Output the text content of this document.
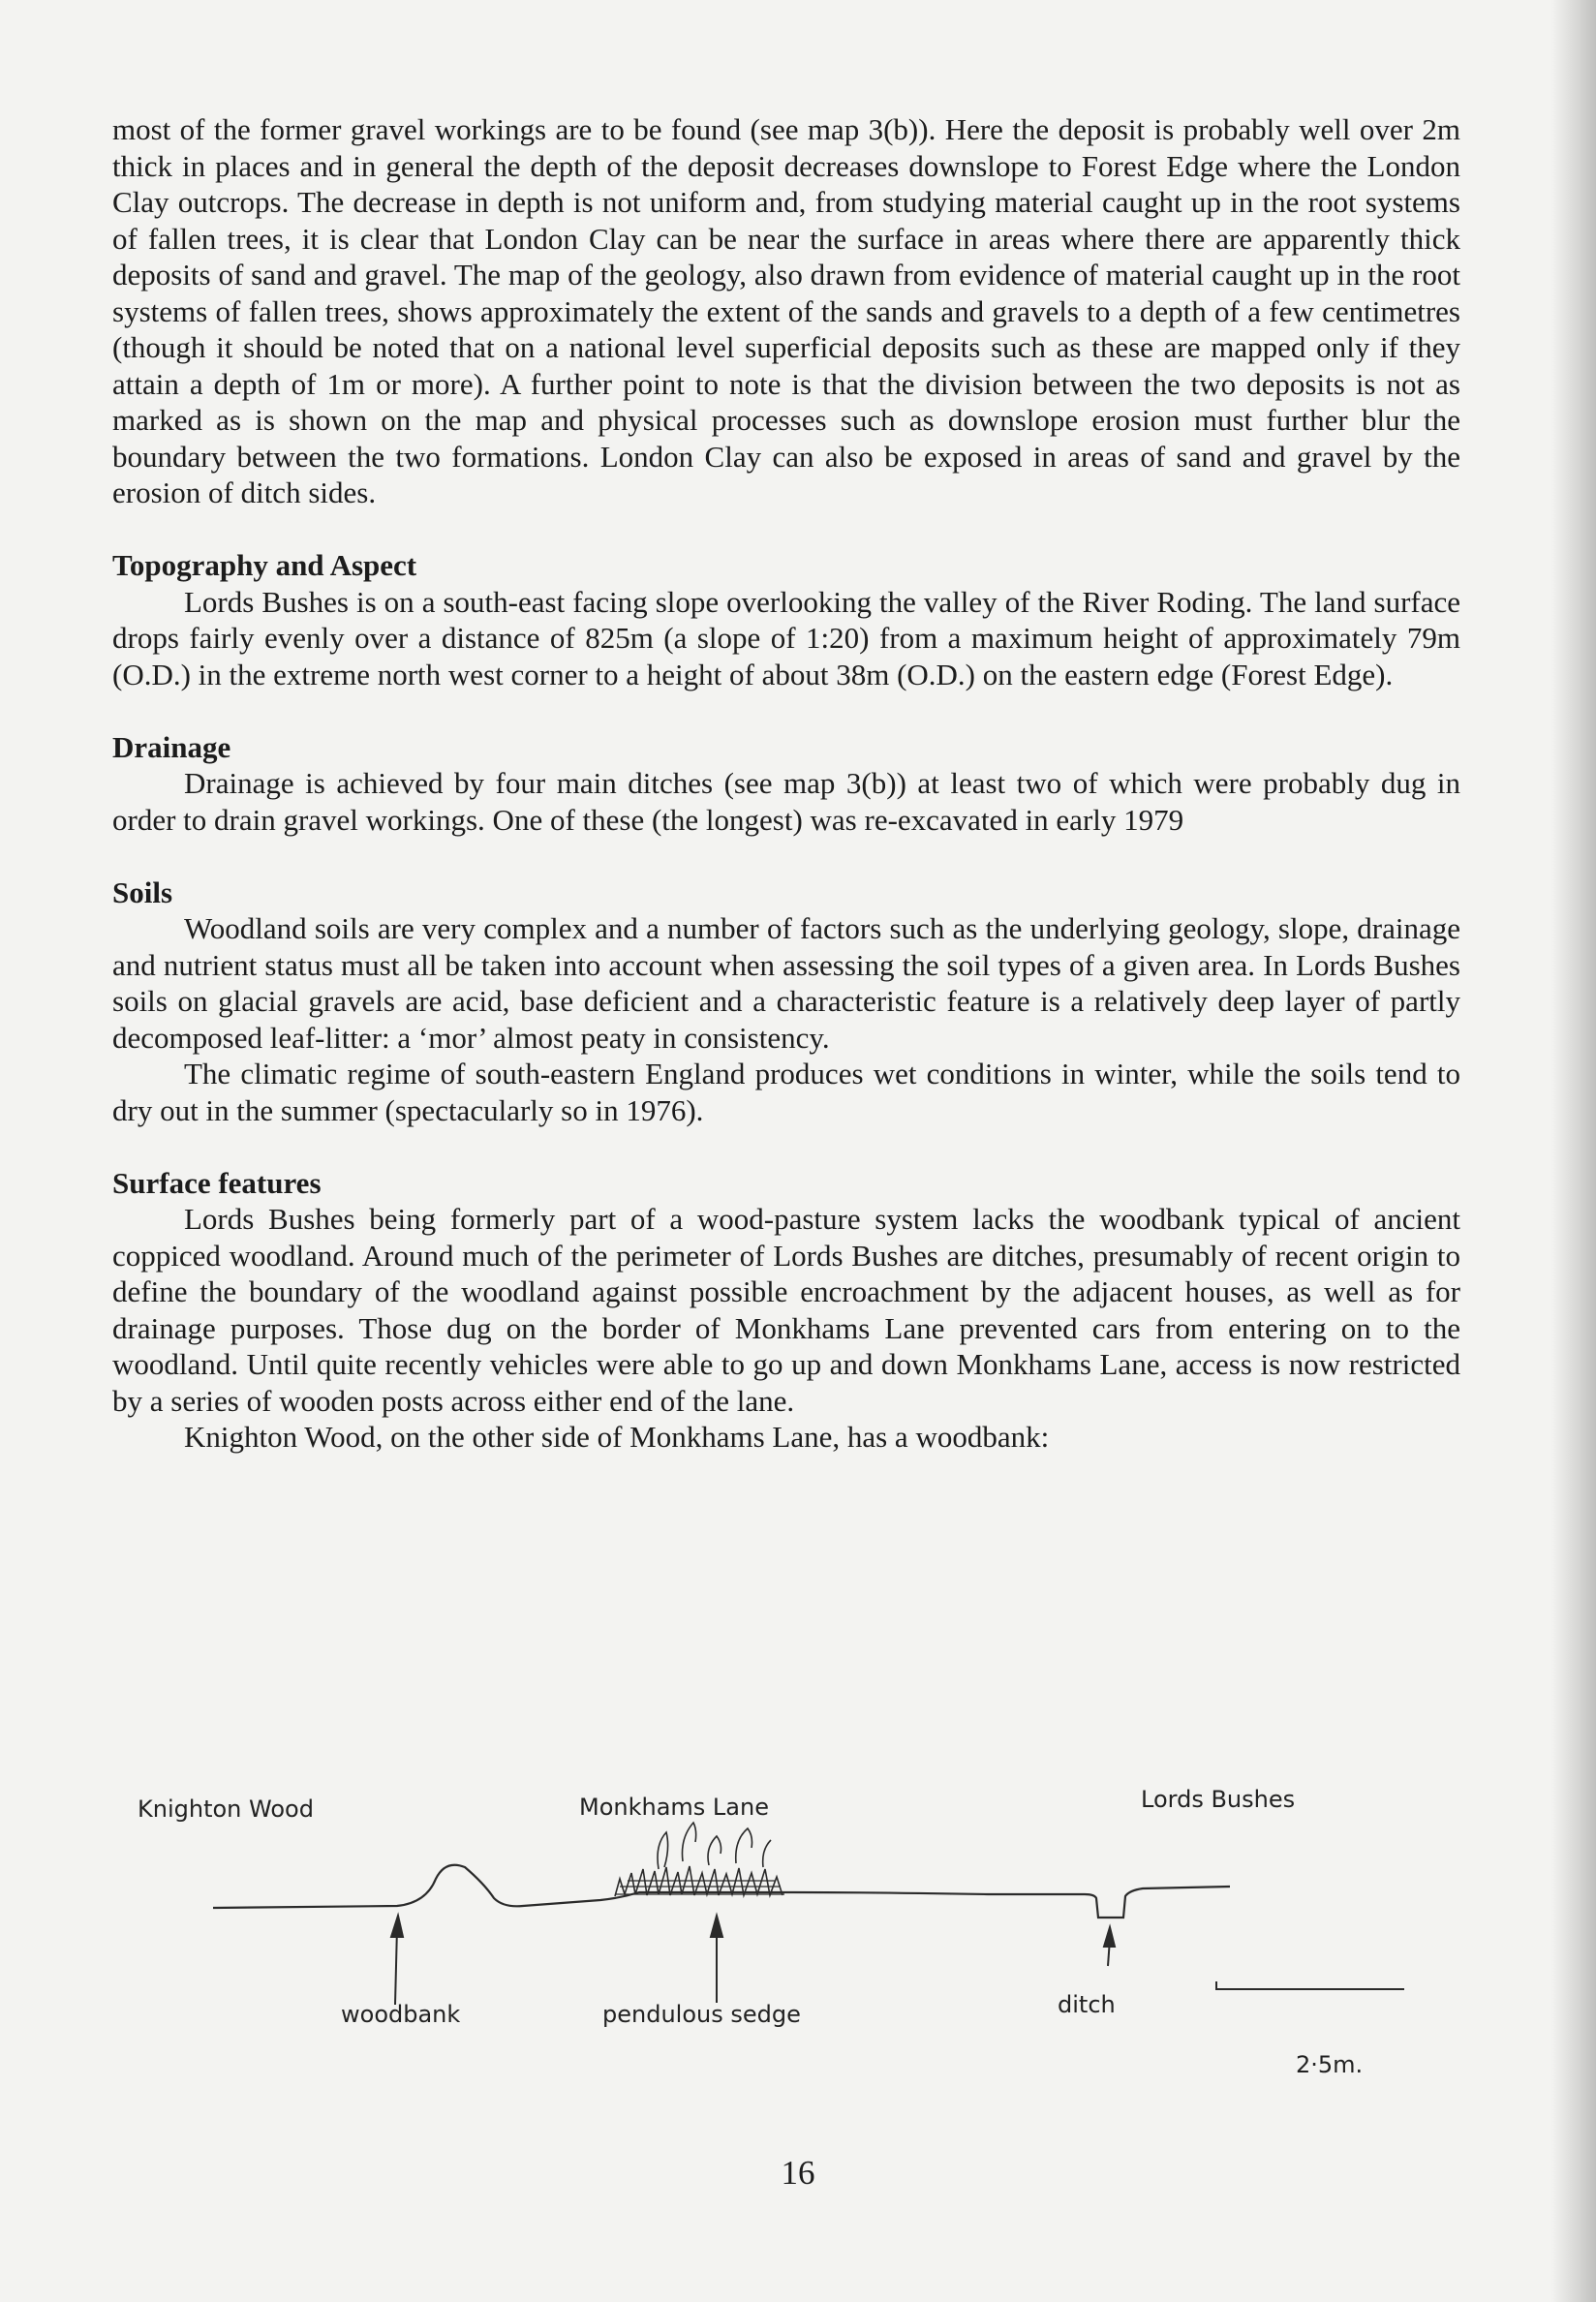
most of the former gravel workings are to be found (see map 3(b)). Here the deposit is probably well over 2m thick in places and in general the depth of the deposit decreases downslope to Forest Edge where the London Clay outcrops. The decrease in depth is not uniform and, from studying material caught up in the root systems of fallen trees, it is clear that London Clay can be near the surface in areas where there are apparently thick deposits of sand and gravel. The map of the geology, also drawn from evidence of material caught up in the root systems of fallen trees, shows approximately the extent of the sands and gravels to a depth of a few centimetres (though it should be noted that on a national level superficial deposits such as these are mapped only if they attain a depth of 1m or more). A further point to note is that the division between the two deposits is not as marked as is shown on the map and physical processes such as downslope erosion must further blur the boundary between the two formations. London Clay can also be exposed in areas of sand and gravel by the erosion of ditch sides.

Topography and Aspect

Lords Bushes is on a south-east facing slope overlooking the valley of the River Roding. The land surface drops fairly evenly over a distance of 825m (a slope of 1:20) from a maximum height of approximately 79m (O.D.) in the extreme north west corner to a height of about 38m (O.D.) on the eastern edge (Forest Edge).

Drainage

Drainage is achieved by four main ditches (see map 3(b)) at least two of which were probably dug in order to drain gravel workings. One of these (the longest) was re-excavated in early 1979

Soils

Woodland soils are very complex and a number of factors such as the underlying geology, slope, drainage and nutrient status must all be taken into account when assessing the soil types of a given area. In Lords Bushes soils on glacial gravels are acid, base deficient and a characteristic feature is a relatively deep layer of partly decomposed leaf-litter: a ‘mor’ almost peaty in consistency.

The climatic regime of south-eastern England produces wet conditions in winter, while the soils tend to dry out in the summer (spectacularly so in 1976).

Surface features

Lords Bushes being formerly part of a wood-pasture system lacks the woodbank typical of ancient coppiced woodland. Around much of the perimeter of Lords Bushes are ditches, presumably of recent origin to define the boundary of the woodland against possible encroachment by the adjacent houses, as well as for drainage purposes. Those dug on the border of Monkhams Lane prevented cars from entering on to the woodland. Until quite recently vehicles were able to go up and down Monkhams Lane, access is now restricted by a series of wooden posts across either end of the lane.

Knighton Wood, on the other side of Monkhams Lane, has a woodbank:

Knighton Wood	Monkhams Lane	Lords Bushes
woodbank	pendulous sedge	ditch
2·5m.
16
